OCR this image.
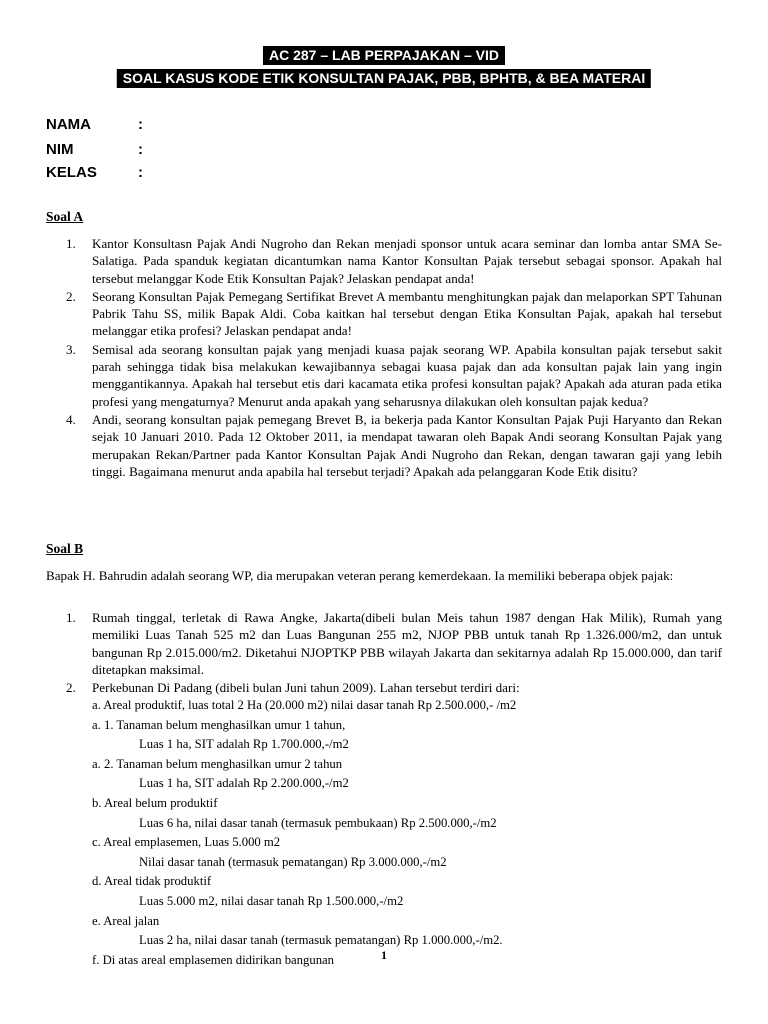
AC 287 – LAB PERPAJAKAN – VID
SOAL KASUS KODE ETIK KONSULTAN PAJAK, PBB, BPHTB, & BEA MATERAI
NAMA	:
NIM	:
KELAS	:
Soal A
1. Kantor Konsultasn Pajak Andi Nugroho dan Rekan menjadi sponsor untuk acara seminar dan lomba antar SMA Se-Salatiga. Pada spanduk kegiatan dicantumkan nama Kantor Konsultan Pajak tersebut sebagai sponsor. Apakah hal tersebut melanggar Kode Etik Konsultan Pajak? Jelaskan pendapat anda!
2. Seorang Konsultan Pajak Pemegang Sertifikat Brevet A membantu menghitungkan pajak dan melaporkan SPT Tahunan Pabrik Tahu SS, milik Bapak Aldi. Coba kaitkan hal tersebut dengan Etika Konsultan Pajak, apakah hal tersebut melanggar etika profesi? Jelaskan pendapat anda!
3. Semisal ada seorang konsultan pajak yang menjadi kuasa pajak seorang WP. Apabila konsultan pajak tersebut sakit parah sehingga tidak bisa melakukan kewajibannya sebagai kuasa pajak dan ada konsultan pajak lain yang ingin menggantikannya. Apakah hal tersebut etis dari kacamata etika profesi konsultan pajak? Apakah ada aturan pada etika profesi yang mengaturnya? Menurut anda apakah yang seharusnya dilakukan oleh konsultan pajak kedua?
4. Andi, seorang konsultan pajak pemegang Brevet B, ia bekerja pada Kantor Konsultan Pajak Puji Haryanto dan Rekan sejak 10 Januari 2010. Pada 12 Oktober 2011, ia mendapat tawaran oleh Bapak Andi seorang Konsultan Pajak yang merupakan Rekan/Partner pada Kantor Konsultan Pajak Andi Nugroho dan Rekan, dengan tawaran gaji yang lebih tinggi. Bagaimana menurut anda apabila hal tersebut terjadi? Apakah ada pelanggaran Kode Etik disitu?
Soal B
Bapak H. Bahrudin adalah seorang WP, dia merupakan veteran perang kemerdekaan. Ia memiliki beberapa objek pajak:
1. Rumah tinggal, terletak di Rawa Angke, Jakarta(dibeli bulan Meis tahun 1987 dengan Hak Milik), Rumah yang memiliki Luas Tanah 525 m2 dan Luas Bangunan 255 m2, NJOP PBB untuk tanah Rp 1.326.000/m2, dan untuk bangunan Rp 2.015.000/m2. Diketahui NJOPTKP PBB wilayah Jakarta dan sekitarnya adalah Rp 15.000.000, dan tarif ditetapkan maksimal.
2. Perkebunan Di Padang (dibeli bulan Juni tahun 2009). Lahan tersebut terdiri dari:
a. Areal produktif, luas total 2 Ha (20.000 m2) nilai dasar tanah Rp 2.500.000,- /m2
a. 1. Tanaman belum menghasilkan umur 1 tahun,
Luas 1 ha, SIT adalah Rp 1.700.000,-/m2
a. 2. Tanaman belum menghasilkan umur 2 tahun
Luas 1 ha, SIT adalah Rp 2.200.000,-/m2
b. Areal belum produktif
Luas 6 ha, nilai dasar tanah (termasuk pembukaan) Rp 2.500.000,-/m2
c. Areal emplasemen, Luas 5.000 m2
Nilai dasar tanah (termasuk pematangan) Rp 3.000.000,-/m2
d. Areal tidak produktif
Luas 5.000 m2, nilai dasar tanah Rp 1.500.000,-/m2
e. Areal jalan
Luas 2 ha, nilai dasar tanah (termasuk pematangan) Rp 1.000.000,-/m2.
f. Di atas areal emplasemen didirikan bangunan	1
